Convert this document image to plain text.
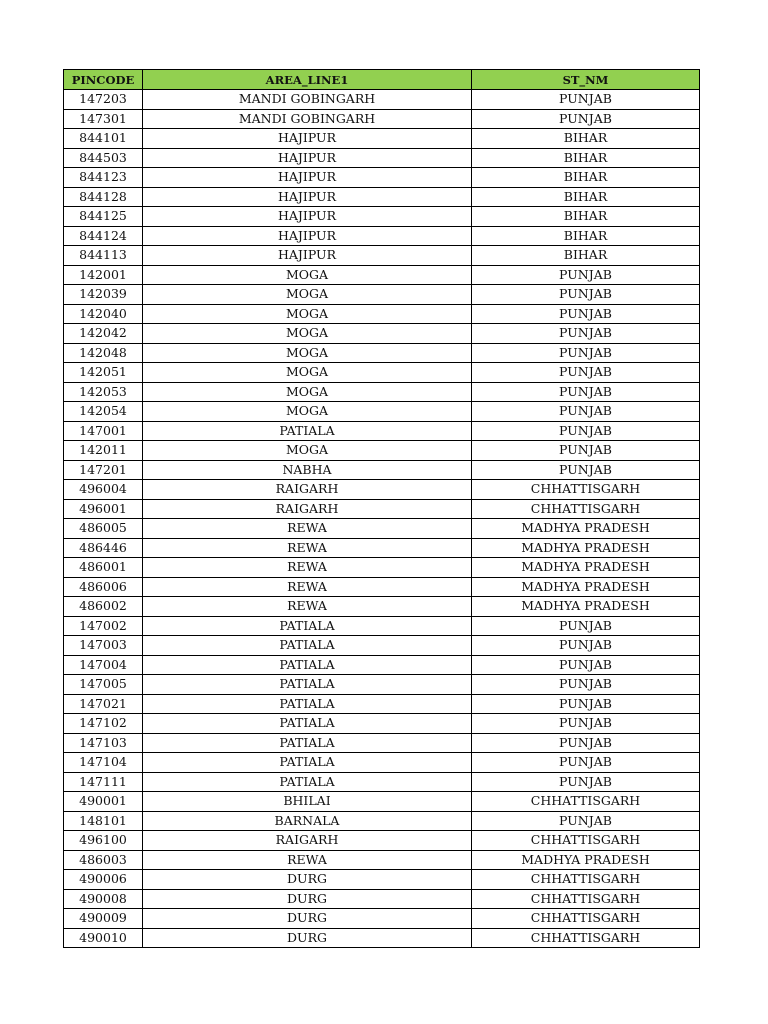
PINCODE	AREA_LINE1	ST_NM
147203	MANDI GOBINGARH	PUNJAB
147301	MANDI GOBINGARH	PUNJAB
844101	HAJIPUR	BIHAR
844503	HAJIPUR	BIHAR
844123	HAJIPUR	BIHAR
844128	HAJIPUR	BIHAR
844125	HAJIPUR	BIHAR
844124	HAJIPUR	BIHAR
844113	HAJIPUR	BIHAR
142001	MOGA	PUNJAB
142039	MOGA	PUNJAB
142040	MOGA	PUNJAB
142042	MOGA	PUNJAB
142048	MOGA	PUNJAB
142051	MOGA	PUNJAB
142053	MOGA	PUNJAB
142054	MOGA	PUNJAB
147001	PATIALA	PUNJAB
142011	MOGA	PUNJAB
147201	NABHA	PUNJAB
496004	RAIGARH	CHHATTISGARH
496001	RAIGARH	CHHATTISGARH
486005	REWA	MADHYA PRADESH
486446	REWA	MADHYA PRADESH
486001	REWA	MADHYA PRADESH
486006	REWA	MADHYA PRADESH
486002	REWA	MADHYA PRADESH
147002	PATIALA	PUNJAB
147003	PATIALA	PUNJAB
147004	PATIALA	PUNJAB
147005	PATIALA	PUNJAB
147021	PATIALA	PUNJAB
147102	PATIALA	PUNJAB
147103	PATIALA	PUNJAB
147104	PATIALA	PUNJAB
147111	PATIALA	PUNJAB
490001	BHILAI	CHHATTISGARH
148101	BARNALA	PUNJAB
496100	RAIGARH	CHHATTISGARH
486003	REWA	MADHYA PRADESH
490006	DURG	CHHATTISGARH
490008	DURG	CHHATTISGARH
490009	DURG	CHHATTISGARH
490010	DURG	CHHATTISGARH
